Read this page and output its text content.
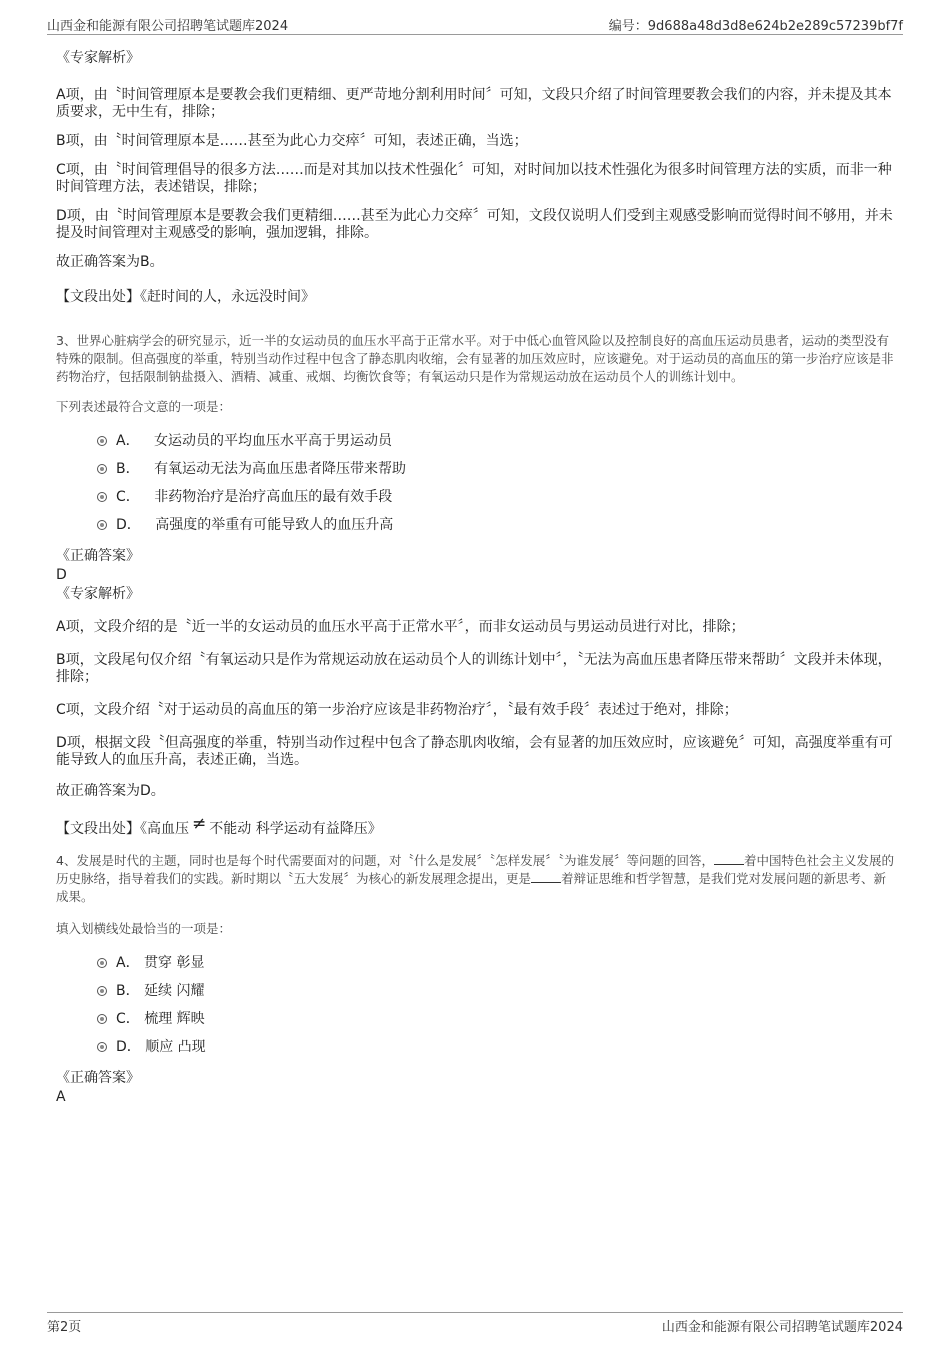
山西金和能源有限公司招聘笔试题库2024	编号：9d688a48d3d8e624b2e289c57239bf7f

《专家解析》

A项，由〝时间管理原本是要教会我们更精细、更严苛地分割利用时间〞可知，文段只介绍了时间管理要教会我们的内容，并未提及其本质要求，无中生有，排除；

B项，由〝时间管理原本是……甚至为此心力交瘁〞可知，表述正确，当选；

C项，由〝时间管理倡导的很多方法……而是对其加以技术性强化〞可知，对时间加以技术性强化为很多时间管理方法的实质，而非一种时间管理方法，表述错误，排除；

D项，由〝时间管理原本是要教会我们更精细……甚至为此心力交瘁〞可知，文段仅说明人们受到主观感受影响而觉得时间不够用，并未提及时间管理对主观感受的影响，强加逻辑，排除。

故正确答案为B。

【文段出处】《赶时间的人，永远没时间》

3、世界心脏病学会的研究显示，近一半的女运动员的血压水平高于正常水平。对于中低心血管风险以及控制良好的高血压运动员患者，运动的类型没有特殊的限制。但高强度的举重，特别当动作过程中包含了静态肌肉收缩，会有显著的加压效应时，应该避免。对于运动员的高血压的第一步治疗应该是非药物治疗，包括限制钠盐摄入、酒精、减重、戒烟、均衡饮食等；有氧运动只是作为常规运动放在运动员个人的训练计划中。

下列表述最符合文意的一项是：

A． 女运动员的平均血压水平高于男运动员
B． 有氧运动无法为高血压患者降压带来帮助
C． 非药物治疗是治疗高血压的最有效手段
D． 高强度的举重有可能导致人的血压升高

《正确答案》

D

《专家解析》

A项，文段介绍的是〝近一半的女运动员的血压水平高于正常水平〞，而非女运动员与男运动员进行对比，排除；

B项，文段尾句仅介绍〝有氧运动只是作为常规运动放在运动员个人的训练计划中〞，〝无法为高血压患者降压带来帮助〞文段并未体现，排除；

C项，文段介绍〝对于运动员的高血压的第一步治疗应该是非药物治疗〞，〝最有效手段〞表述过于绝对，排除；

D项，根据文段〝但高强度的举重，特别当动作过程中包含了静态肌肉收缩，会有显著的加压效应时，应该避免〞可知，高强度举重有可能导致人的血压升高，表述正确，当选。

故正确答案为D。

【文段出处】《高血压 ≠ 不能动 科学运动有益降压》

4、发展是时代的主题，同时也是每个时代需要面对的问题，对〝什么是发展〞〝怎样发展〞〝为谁发展〞等问题的回答， 着中国特色社会主义发展的历史脉络，指导着我们的实践。新时期以〝五大发展〞为核心的新发展理念提出，更是 着辩证思维和哲学智慧，是我们党对发展问题的新思考、新成果。

填入划横线处最恰当的一项是：

A． 贯穿 彰显
B． 延续 闪耀
C． 梳理 辉映
D． 顺应 凸现

《正确答案》

A

第2页	山西金和能源有限公司招聘笔试题库2024
